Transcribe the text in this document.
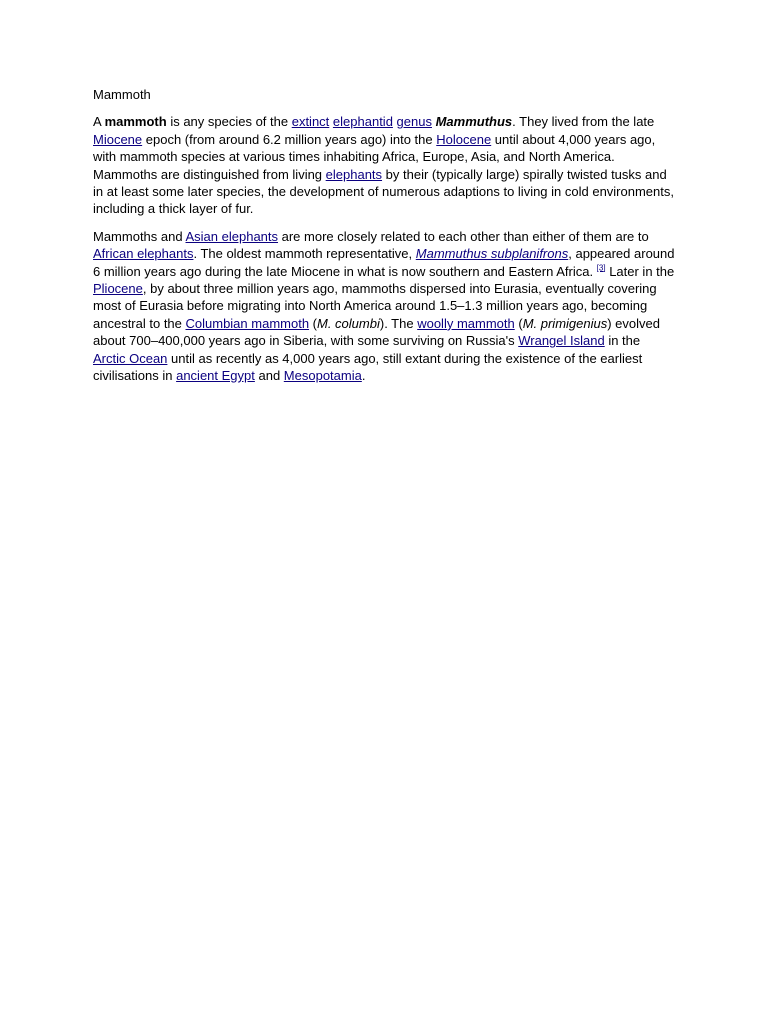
Mammoth

A mammoth is any species of the extinct elephantid genus Mammuthus. They lived from the late Miocene epoch (from around 6.2 million years ago) into the Holocene until about 4,000 years ago, with mammoth species at various times inhabiting Africa, Europe, Asia, and North America. Mammoths are distinguished from living elephants by their (typically large) spirally twisted tusks and in at least some later species, the development of numerous adaptions to living in cold environments, including a thick layer of fur.

Mammoths and Asian elephants are more closely related to each other than either of them are to African elephants. The oldest mammoth representative, Mammuthus subplanifrons, appeared around 6 million years ago during the late Miocene in what is now southern and Eastern Africa. [3] Later in the Pliocene, by about three million years ago, mammoths dispersed into Eurasia, eventually covering most of Eurasia before migrating into North America around 1.5–1.3 million years ago, becoming ancestral to the Columbian mammoth (M. columbi). The woolly mammoth (M. primigenius) evolved about 700–400,000 years ago in Siberia, with some surviving on Russia's Wrangel Island in the Arctic Ocean until as recently as 4,000 years ago, still extant during the existence of the earliest civilisations in ancient Egypt and Mesopotamia.
